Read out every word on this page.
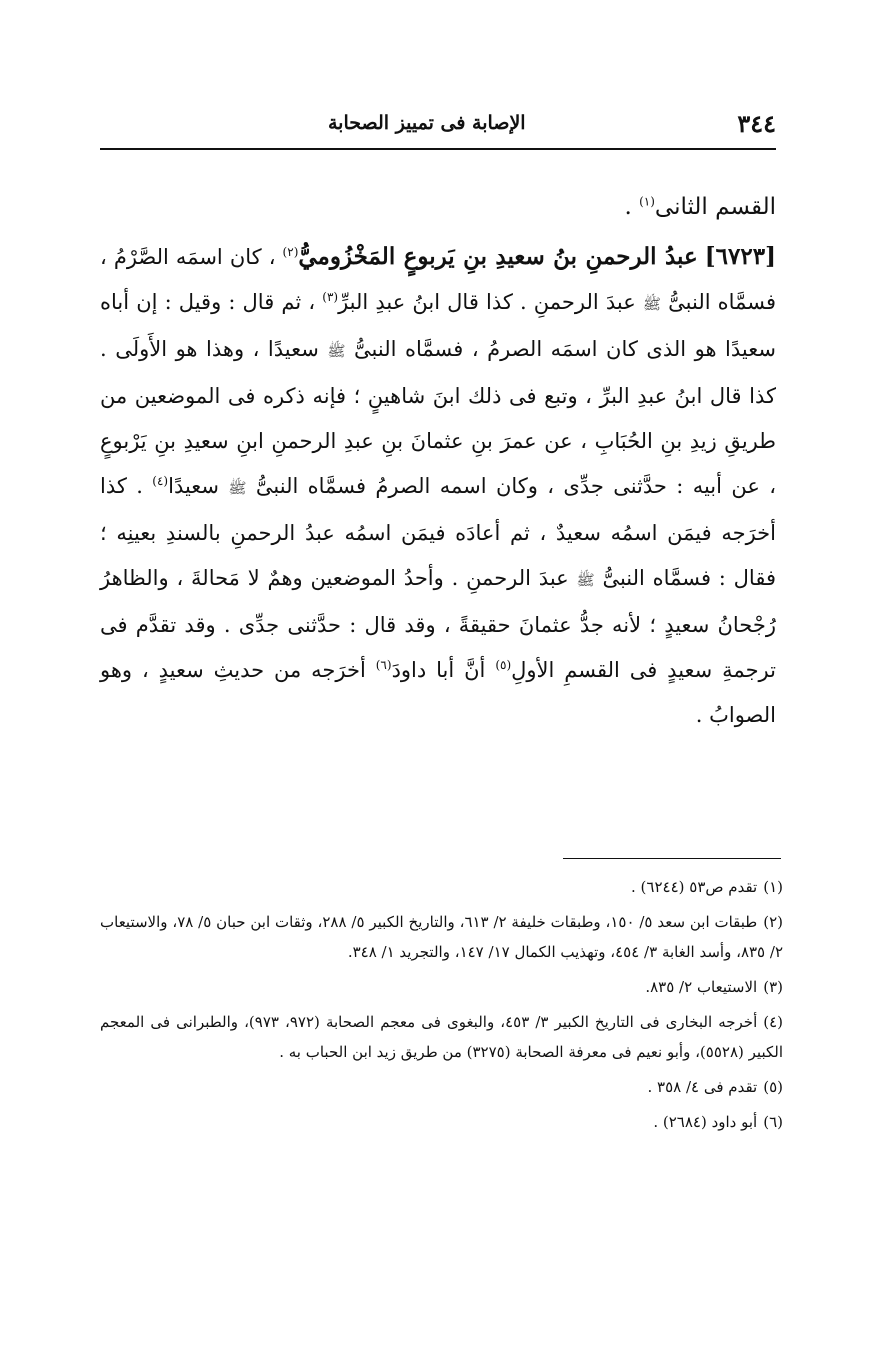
٣٤٤
الإصابة فى تمييز الصحابة

القسم الثانى$^{(١)}$ .

[٦٧٢٣] عبدُ الرحمنِ بنُ سعيدِ بنِ يَربوعٍ المَخْزُوميُّ$^{(٢)}$ ، كان اسمَه الصَّرْمُ ، فسمَّاه النبىُّ ﷺ عبدَ الرحمنِ . كذا قال ابنُ عبدِ البرِّ$^{(٣)}$ ، ثم قال : وقيل : إن أباه سعيدًا هو الذى كان اسمَه الصرمُ ، فسمَّاه النبىُّ ﷺ سعيدًا ، وهذا هو الأَولَى . كذا قال ابنُ عبدِ البرِّ ، وتبع فى ذلك ابنَ شاهينٍ ؛ فإنه ذكره فى الموضعين من طريقِ زيدِ بنِ الحُبَابِ ، عن عمرَ بنِ عثمانَ بنِ عبدِ الرحمنِ ابنِ سعيدِ بنِ يَرْبوعٍ ، عن أبيه : حدَّثنى جدِّى ، وكان اسمه الصرمُ فسمَّاه النبىُّ ﷺ سعيدًا$^{(٤)}$ . كذا أخرَجه فيمَن اسمُه سعيدٌ ، ثم أعادَه فيمَن اسمُه عبدُ الرحمنِ بالسندِ بعينِه ؛ فقال : فسمَّاه النبىُّ ﷺ عبدَ الرحمنِ . وأحدُ الموضعين وهمٌ لا مَحالةَ ، والظاهرُ رُجْحانُ سعيدٍ ؛ لأنه جدُّ عثمانَ حقيقةً ، وقد قال : حدَّثنى جدِّى . وقد تقدَّم فى ترجمةِ سعيدٍ فى القسمِ الأولِ$^{(٥)}$ أنَّ أبا داودَ$^{(٦)}$ أخرَجه من حديثِ سعيدٍ ، وهو الصوابُ .

(١)تقدم ص٥٣ (٦٢٤٤) .

(٢)طبقات ابن سعد ٥/ ١٥٠، وطبقات خليفة ٢/ ٦١٣، والتاريخ الكبير ٥/ ٢٨٨، وثقات ابن حبان ٥/ ٧٨، والاستيعاب ٢/ ٨٣٥، وأسد الغابة ٣/ ٤٥٤، وتهذيب الكمال ١٧/ ١٤٧، والتجريد ١/ ٣٤٨.

(٣)الاستيعاب ٢/ ٨٣٥.

(٤)أخرجه البخارى فى التاريخ الكبير ٣/ ٤٥٣، والبغوى فى معجم الصحابة (٩٧٢، ٩٧٣)، والطبرانى فى المعجم الكبير (٥٥٢٨)، وأبو نعيم فى معرفة الصحابة (٣٢٧٥) من طريق زيد ابن الحباب به .

(٥)تقدم فى ٤/ ٣٥٨ .

(٦)أبو داود (٢٦٨٤) .
